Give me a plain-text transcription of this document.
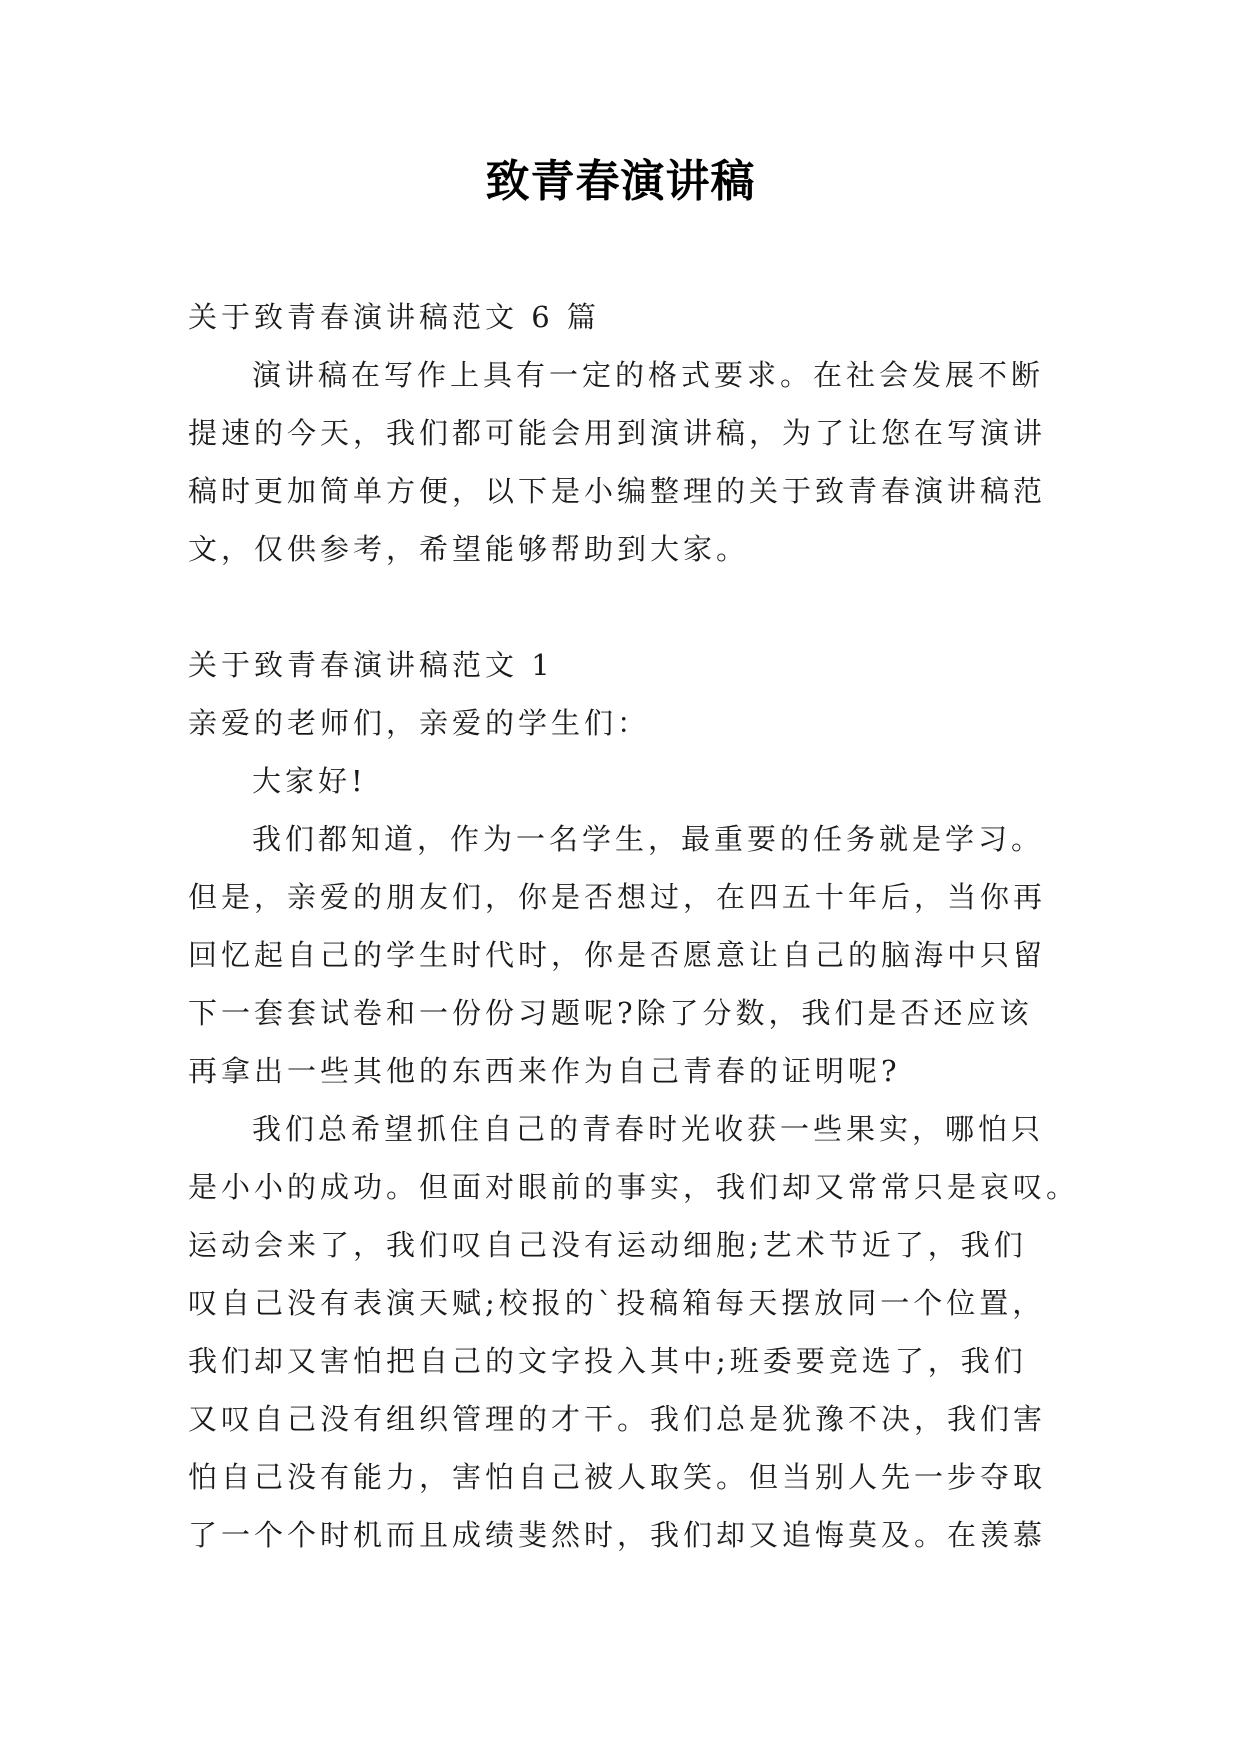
致青春演讲稿
关于致青春演讲稿范文 6 篇
演讲稿在写作上具有一定的格式要求。在社会发展不断
提速的今天，我们都可能会用到演讲稿，为了让您在写演讲
稿时更加简单方便，以下是小编整理的关于致青春演讲稿范
文，仅供参考，希望能够帮助到大家。
关于致青春演讲稿范文 1
亲爱的老师们，亲爱的学生们：
大家好!
我们都知道，作为一名学生，最重要的任务就是学习。
但是，亲爱的朋友们，你是否想过，在四五十年后，当你再
回忆起自己的学生时代时，你是否愿意让自己的脑海中只留
下一套套试卷和一份份习题呢?除了分数，我们是否还应该
再拿出一些其他的东西来作为自己青春的证明呢?
我们总希望抓住自己的青春时光收获一些果实，哪怕只
是小小的成功。但面对眼前的事实，我们却又常常只是哀叹。
运动会来了，我们叹自己没有运动细胞;艺术节近了，我们
叹自己没有表演天赋;校报的`投稿箱每天摆放同一个位置，
我们却又害怕把自己的文字投入其中;班委要竞选了，我们
又叹自己没有组织管理的才干。我们总是犹豫不决，我们害
怕自己没有能力，害怕自己被人取笑。但当别人先一步夺取
了一个个时机而且成绩斐然时，我们却又追悔莫及。在羡慕
